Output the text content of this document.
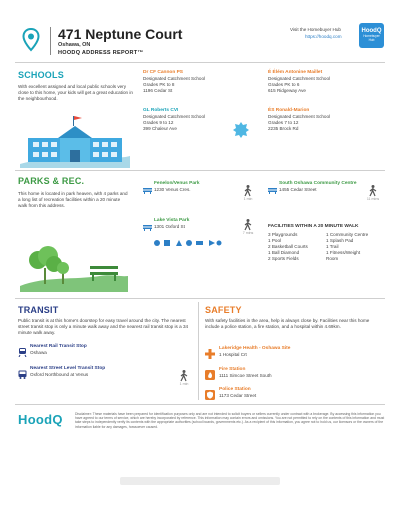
471 Neptune Court
Oshawa, ON
HOODQ ADDRESS REPORT™
Visit the Homebuyer Hub
https://hoodq.com
HoodQ
Homebuyer Hub
SCHOOLS
With excellent assigned and local public schools very close to this home, your kids will get a great education in the neighbourhood.
Dr CF Cannon PS
Designated Catchment School
Grades PK to 8
1196 Cedar St
É Élém Antonine Maillet
Designated Catchment School
Grades PK to 6
615 Ridgeway Ave
GL Roberts CVI
Designated Catchment School
Grades 9 to 12
399 Chaleur Ave
ÉS Ronald-Marion
Designated Catchment School
Grades 7 to 12
2235 Brock Rd
PARKS & REC.
This home is located in park heaven, with 4 parks and a long list of recreation facilities within a 20 minute walk from this address.
Fenelon/Venus Park
1230 Venus Cres.
1 min
South Oshawa Community Centre
1455 Cedar Street
11 mins
Lake Vista Park
1301 Oxford St
7 mins
FACILITIES WITHIN A 20 MINUTE WALK
3 Playgrounds
1 Pool
2 Basketball Courts
1 Ball Diamond
2 Sports Fields
1 Community Centre
1 Splash Pad
1 Trail
1 Fitness/Weight
Room
TRANSIT
Public transit is at this home's doorstep for easy travel around the city. The nearest street transit stop is only a minute walk away and the nearest rail transit stop is a 34 minute walk away.
Nearest Rail Transit Stop
Oshawa
Nearest Street Level Transit Stop
Oxford Northbound at Venus
1 min
SAFETY
With safety facilities in the area, help is always close by. Facilities near this home include a police station, a fire station, and a hospital within 4.69km.
Lakeridge Health - Oshawa Site
1 Hospital Crt
Fire Station
1111 Simcoe Street South
Police Station
1173 Cedar Street
HoodQ	Disclaimer: These materials have been prepared for identification purposes only and are not intended to solicit buyers or sellers currently under contract with a brokerage. By accessing this information you have agreed to our terms of service, which are hereby incorporated by reference. This information may contain errors and omissions. You are not permitted to rely on the contents of this information and must take steps to independently verify its contents with the appropriate authorities (school boards, governments etc.). As a recipient of this information, you agree not to hold us, our licensors or the owners of the information liable for any damages, howsoever caused.
